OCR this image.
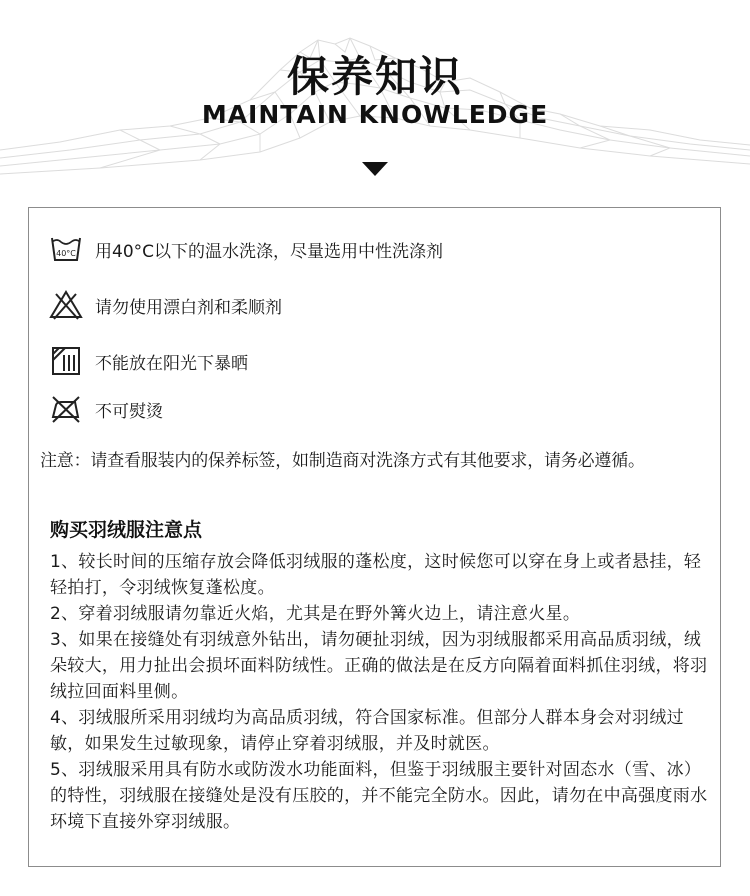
保养知识
MAINTAIN KNOWLEDGE
40°C 用40°C以下的温水洗涤，尽量选用中性洗涤剂
请勿使用漂白剂和柔顺剂
不能放在阳光下暴晒
不可熨烫
注意：请查看服装内的保养标签，如制造商对洗涤方式有其他要求，请务必遵循。
购买羽绒服注意点
1、较长时间的压缩存放会降低羽绒服的蓬松度，这时候您可以穿在身上或者悬挂，轻轻拍打，令羽绒恢复蓬松度。
2、穿着羽绒服请勿靠近火焰，尤其是在野外篝火边上，请注意火星。
3、如果在接缝处有羽绒意外钻出，请勿硬扯羽绒，因为羽绒服都采用高品质羽绒，绒朵较大，用力扯出会损坏面料防绒性。正确的做法是在反方向隔着面料抓住羽绒，将羽绒拉回面料里侧。
4、羽绒服所采用羽绒均为高品质羽绒，符合国家标准。但部分人群本身会对羽绒过敏，如果发生过敏现象，请停止穿着羽绒服，并及时就医。
5、羽绒服采用具有防水或防泼水功能面料，但鉴于羽绒服主要针对固态水（雪、冰）的特性，羽绒服在接缝处是没有压胶的，并不能完全防水。因此，请勿在中高强度雨水环境下直接外穿羽绒服。
